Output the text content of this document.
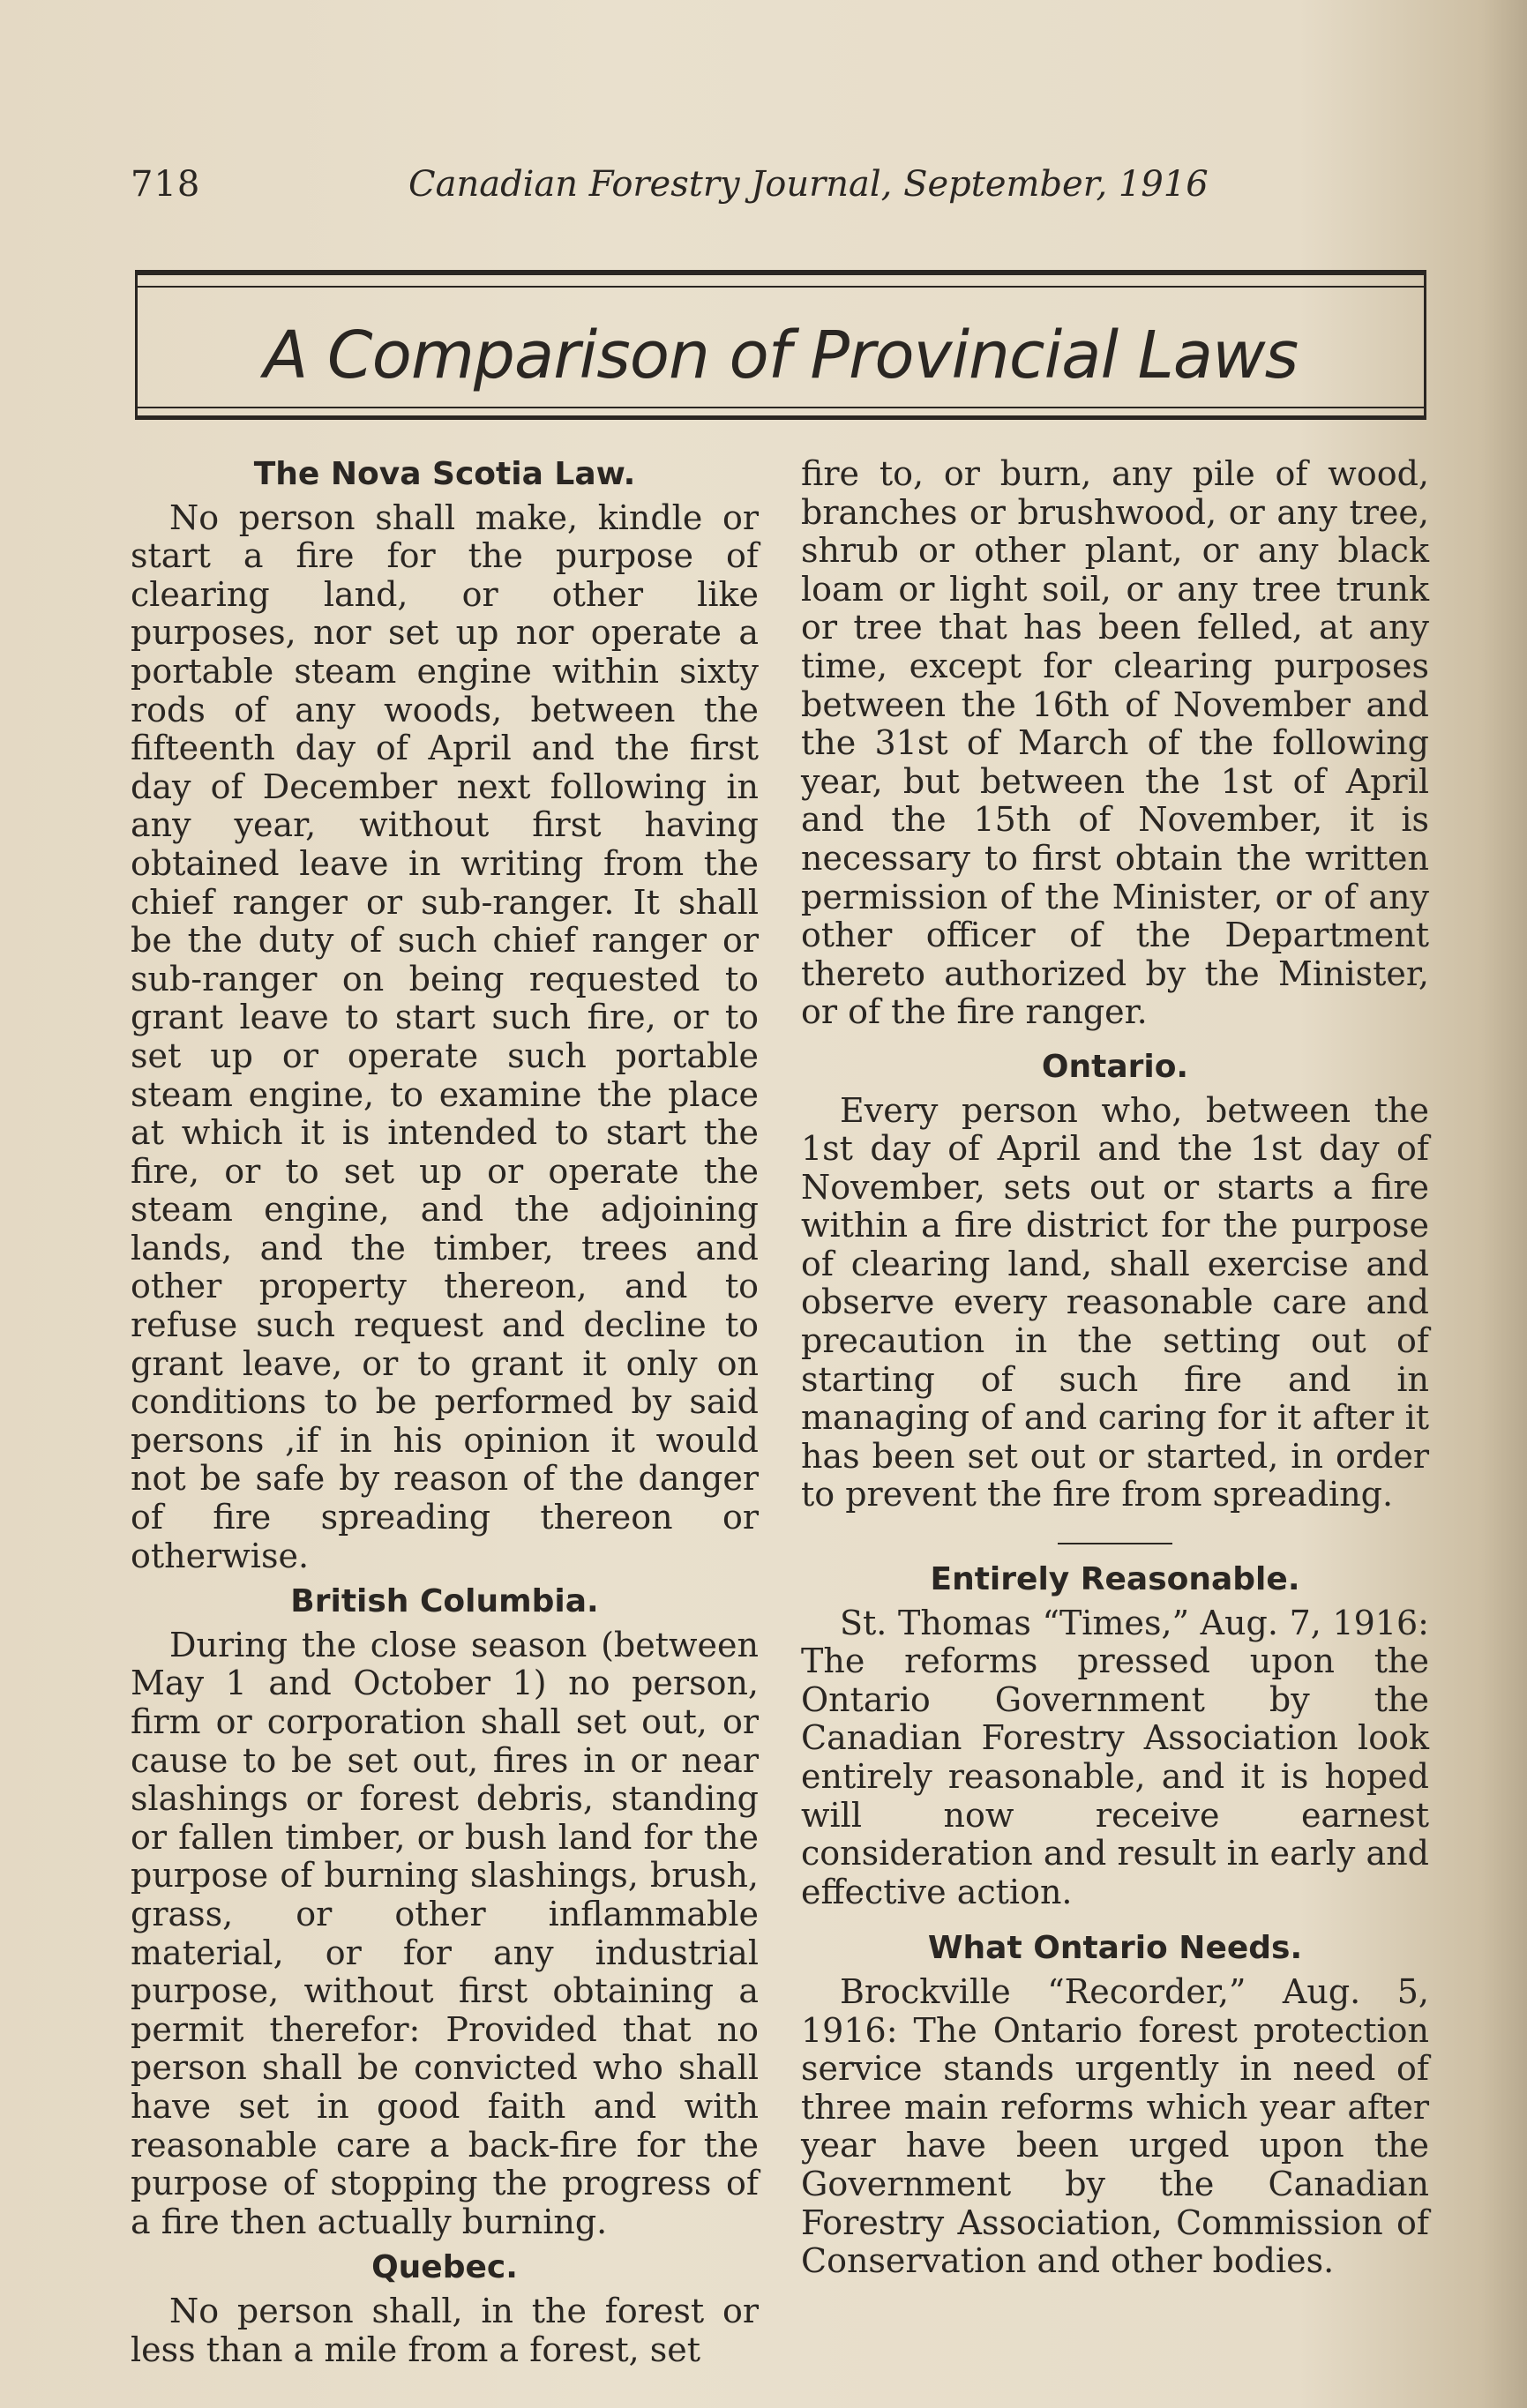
718	Canadian Forestry Journal, September, 1916
A Comparison of Provincial Laws
The Nova Scotia Law.

No person shall make, kindle or start a fire for the purpose of clearing land, or other like purposes, nor set up nor operate a portable steam engine within sixty rods of any woods, between the fifteenth day of April and the first day of December next following in any year, without first having obtained leave in writing from the chief ranger or sub-ranger. It shall be the duty of such chief ranger or sub-ranger on being requested to grant leave to start such fire, or to set up or operate such portable steam engine, to examine the place at which it is intended to start the fire, or to set up or operate the steam engine, and the adjoining lands, and the timber, trees and other property thereon, and to refuse such request and decline to grant leave, or to grant it only on conditions to be performed by said persons ,if in his opinion it would not be safe by reason of the danger of fire spreading thereon or otherwise.

British Columbia.

During the close season (between May 1 and October 1) no person, firm or corporation shall set out, or cause to be set out, fires in or near slashings or forest debris, standing or fallen timber, or bush land for the purpose of burning slashings, brush, grass, or other inflammable material, or for any industrial purpose, without first obtaining a permit therefor: Provided that no person shall be convicted who shall have set in good faith and with reasonable care a back-fire for the purpose of stopping the progress of a fire then actually burning.

Quebec.

No person shall, in the forest or less than a mile from a forest, set

fire to, or burn, any pile of wood, branches or brushwood, or any tree, shrub or other plant, or any black loam or light soil, or any tree trunk or tree that has been felled, at any time, except for clearing purposes between the 16th of November and the 31st of March of the following year, but between the 1st of April and the 15th of November, it is necessary to first obtain the written permission of the Minister, or of any other officer of the Department thereto authorized by the Minister, or of the fire ranger.

Ontario.

Every person who, between the 1st day of April and the 1st day of November, sets out or starts a fire within a fire district for the purpose of clearing land, shall exercise and observe every reasonable care and precaution in the setting out of starting of such fire and in managing of and caring for it after it has been set out or started, in order to prevent the fire from spreading.

Entirely Reasonable.

St. Thomas “Times,” Aug. 7, 1916: The reforms pressed upon the Ontario Government by the Canadian Forestry Association look entirely reasonable, and it is hoped will now receive earnest consideration and result in early and effective action.

What Ontario Needs.

Brockville “Recorder,” Aug. 5, 1916: The Ontario forest protection service stands urgently in need of three main reforms which year after year have been urged upon the Government by the Canadian Forestry Association, Commission of Conservation and other bodies.
